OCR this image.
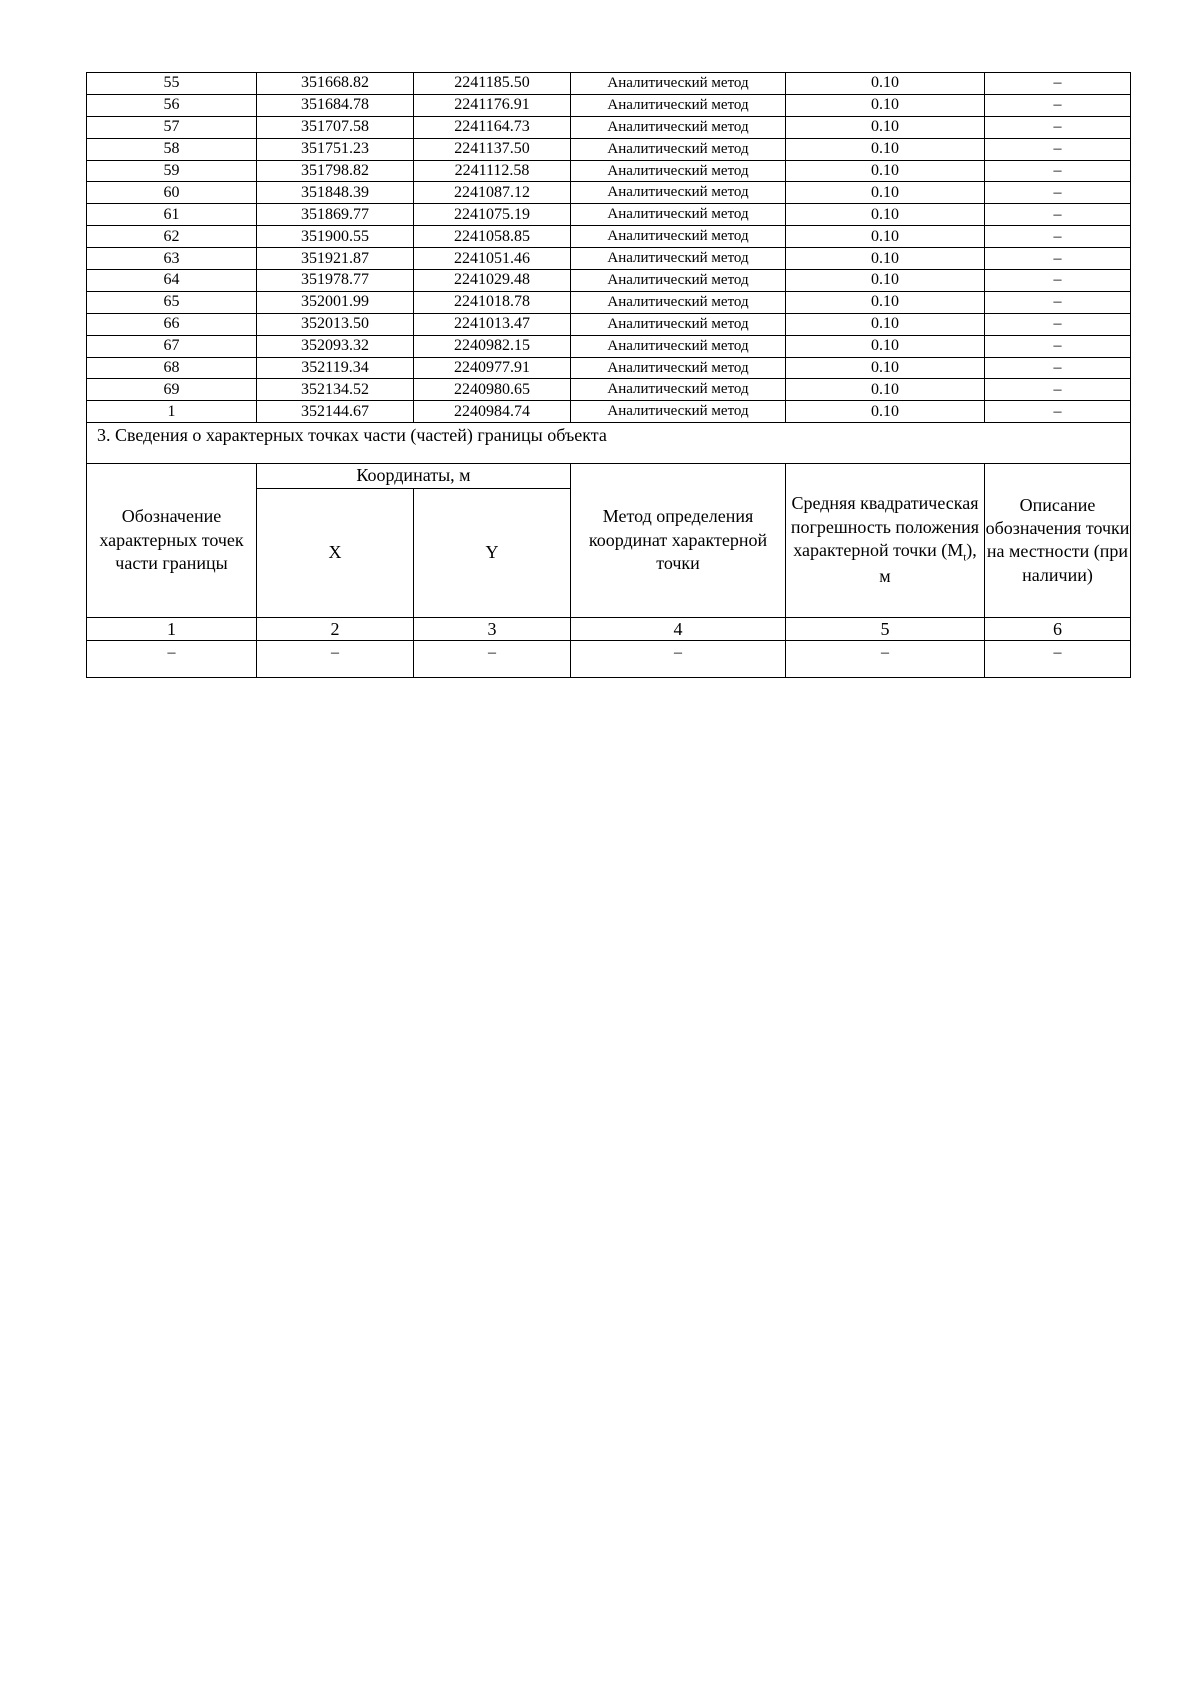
55	351668.82	2241185.50	Аналитический метод	0.10	–
56	351684.78	2241176.91	Аналитический метод	0.10	–
57	351707.58	2241164.73	Аналитический метод	0.10	–
58	351751.23	2241137.50	Аналитический метод	0.10	–
59	351798.82	2241112.58	Аналитический метод	0.10	–
60	351848.39	2241087.12	Аналитический метод	0.10	–
61	351869.77	2241075.19	Аналитический метод	0.10	–
62	351900.55	2241058.85	Аналитический метод	0.10	–
63	351921.87	2241051.46	Аналитический метод	0.10	–
64	351978.77	2241029.48	Аналитический метод	0.10	–
65	352001.99	2241018.78	Аналитический метод	0.10	–
66	352013.50	2241013.47	Аналитический метод	0.10	–
67	352093.32	2240982.15	Аналитический метод	0.10	–
68	352119.34	2240977.91	Аналитический метод	0.10	–
69	352134.52	2240980.65	Аналитический метод	0.10	–
1	352144.67	2240984.74	Аналитический метод	0.10	–
3. Сведения о характерных точках части (частей) границы объекта					
Обозначение характерных точек части границы	Координаты, м		Метод определения координат характерной точки	Средняя квадратическая погрешность положения характерной точки $(M_t)$, м	Описание обозначения точки на местности (при наличии)
	X	Y			
1	2	3	4	5	6
–	–	–	–	–	–
